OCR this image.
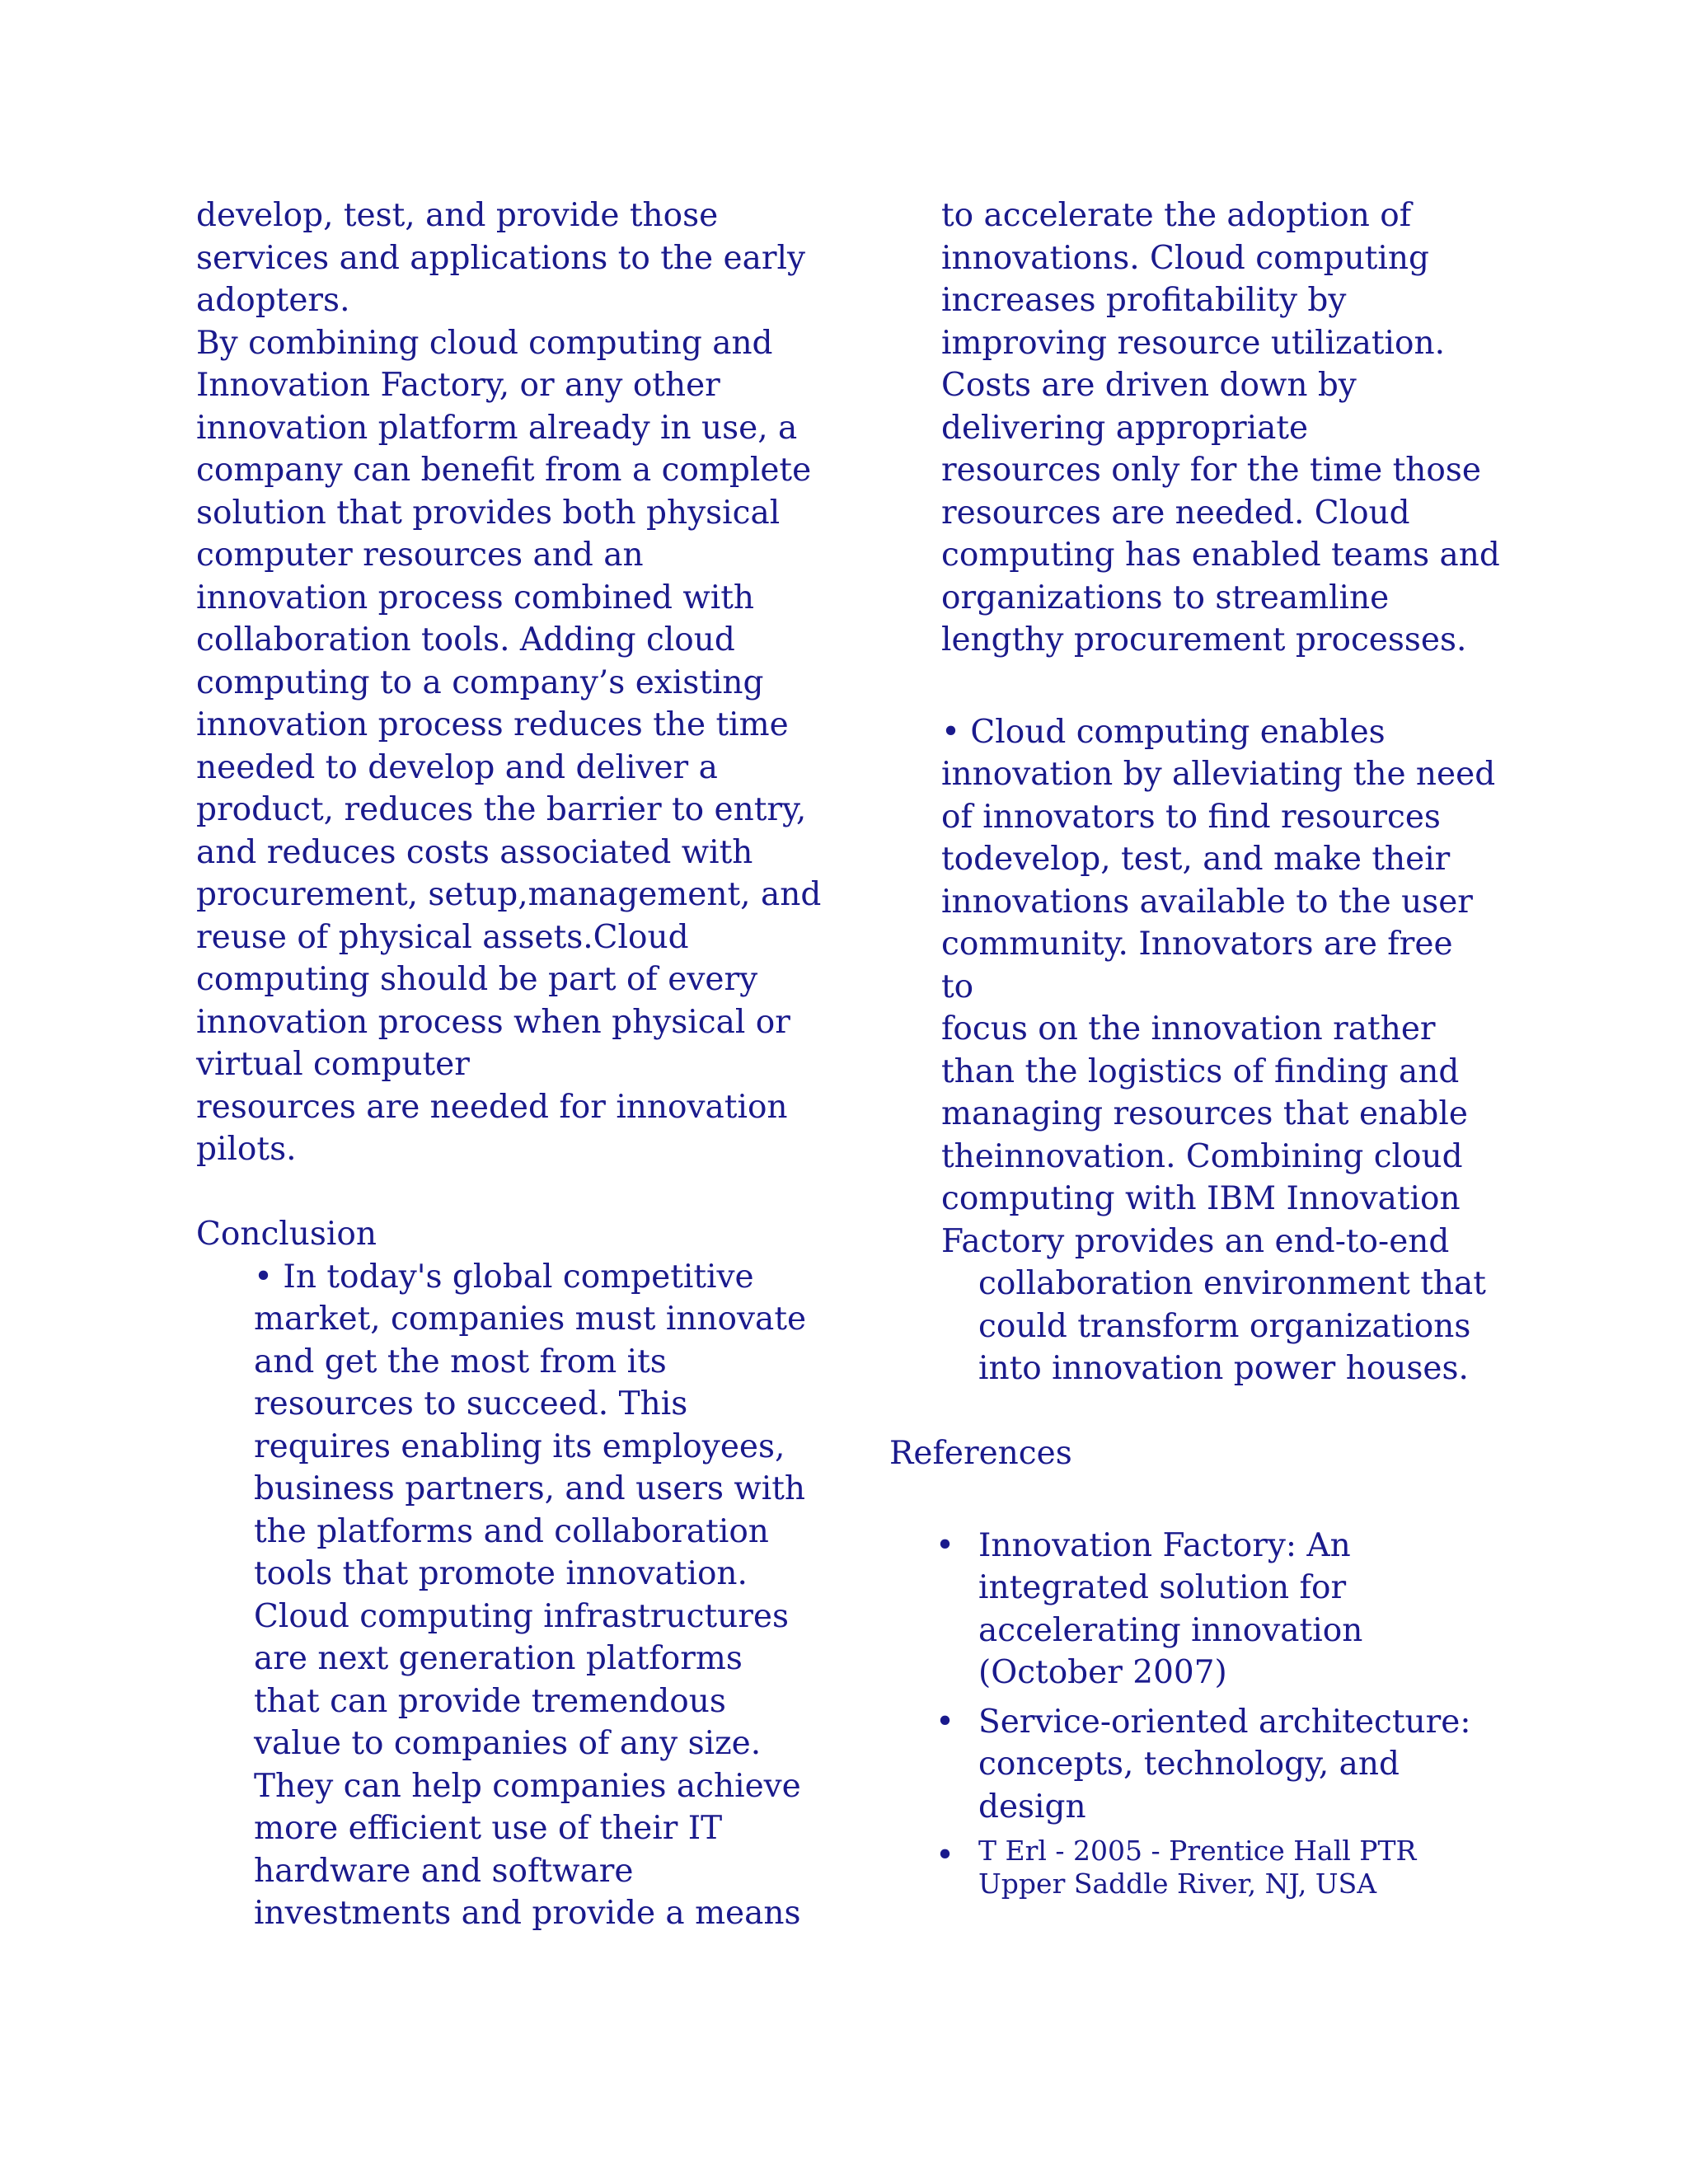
develop, test, and provide those
services and applications to the early
adopters.
By combining cloud computing and
Innovation Factory, or any other
innovation platform already in use, a
company can benefit from a complete
solution that provides both physical
computer resources and an
innovation process combined with
collaboration tools. Adding cloud
computing to a company’s existing
innovation process reduces the time
needed to develop and deliver a
product, reduces the barrier to entry,
and reduces costs associated with
procurement, setup,management, and
reuse of physical assets.Cloud
computing should be part of every
innovation process when physical or
virtual computer
resources are needed for innovation
pilots.
Conclusion
• In today's global competitive
market, companies must innovate
and get the most from its
resources to succeed. This
requires enabling its employees,
business partners, and users with
the platforms and collaboration
tools that promote innovation.
Cloud computing infrastructures
are next generation platforms
that can provide tremendous
value to companies of any size.
They can help companies achieve
more efficient use of their IT
hardware and software
investments and provide a means
to accelerate the adoption of
innovations. Cloud computing
increases profitability by
improving resource utilization.
Costs are driven down by
delivering appropriate
resources only for the time those
resources are needed. Cloud
computing has enabled teams and
organizations to streamline
lengthy procurement processes.
• Cloud computing enables
innovation by alleviating the need
of innovators to find resources
todevelop, test, and make their
innovations available to the user
community. Innovators are free
to
focus on the innovation rather
than the logistics of finding and
managing resources that enable
theinnovation. Combining cloud
computing with IBM Innovation
Factory provides an end-to-end
collaboration environment that
could transform organizations
into innovation power houses.
References
• Innovation Factory: An
integrated solution for
accelerating innovation
(October 2007)
• Service-oriented architecture:
concepts, technology, and
design
• T Erl - 2005 - Prentice Hall PTR
Upper Saddle River, NJ, USA
